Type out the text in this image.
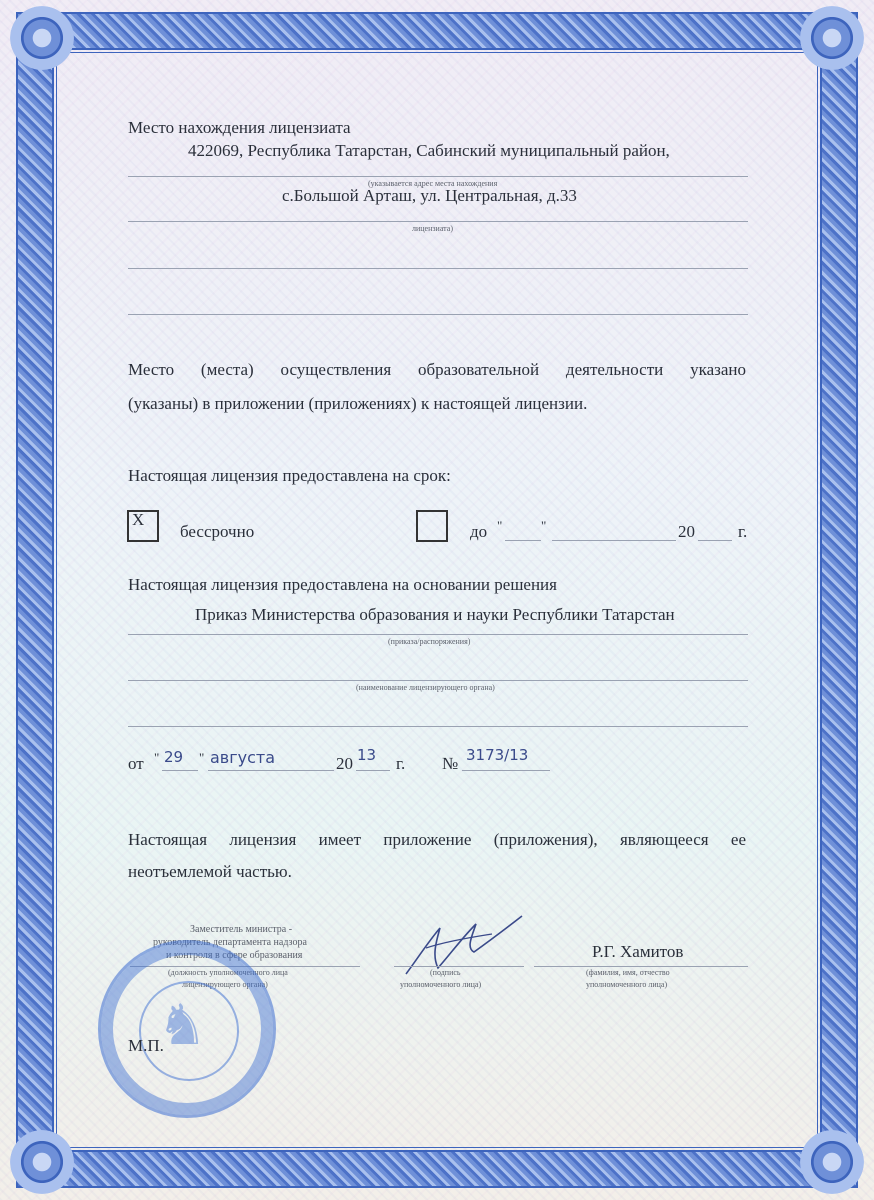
Место нахождения лицензиата
422069, Республика Татарстан, Сабинский муниципальный район,
(указывается адрес места нахождения
с.Большой Арташ, ул. Центральная, д.33
лицензиата)
Место (места) осуществления образовательной деятельности указано
(указаны) в приложении (приложениях) к настоящей лицензии.
Настоящая лицензия предоставлена на срок:
Х
бессрочно	до "	"	20	г.
Настоящая лицензия предоставлена на основании решения
Приказ Министерства образования и науки Республики Татарстан
(приказа/распоряжения)
(наименование лицензирующего органа)
от " 29 " августа	20 13 г. № 3173/13
Настоящая лицензия имеет приложение (приложения), являющееся ее
неотъемлемой частью.
Заместитель министра -
руководитель департамента надзора
и контроля в сфере образования
(должность уполномоченного лица
лицензирующего органа)
(подпись
уполномоченного лица)
Р.Г. Хамитов
(фамилия, имя, отчество
уполномоченного лица)
♞
М.П.
